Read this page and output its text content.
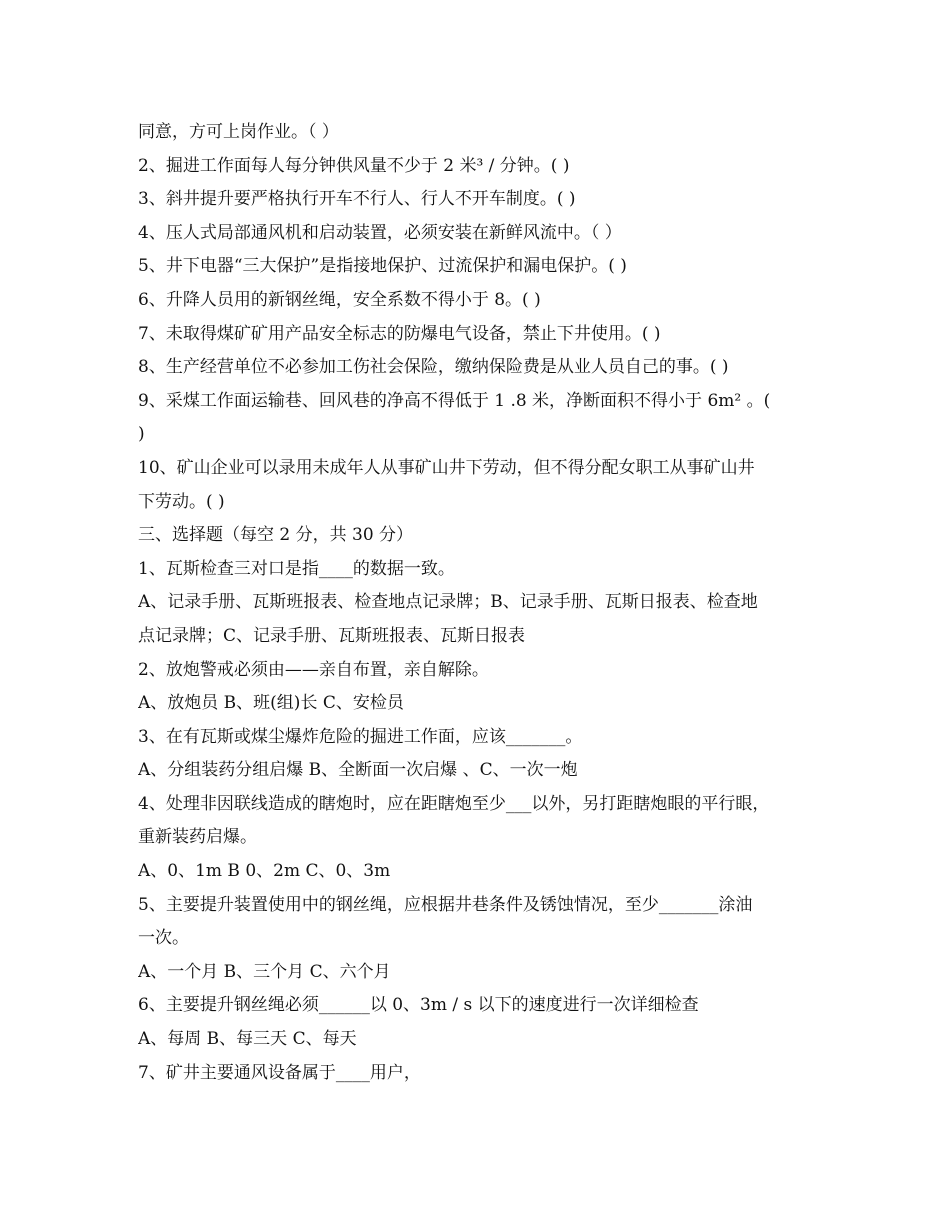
同意，方可上岗作业。（ ）
2、掘进工作面每人每分钟供风量不少于 2 米³ / 分钟。( )
3、斜井提升要严格执行开车不行人、行人不开车制度。( )
4、压人式局部通风机和启动装置，必须安装在新鲜风流中。（ ）
5、井下电器“三大保护”是指接地保护、过流保护和漏电保护。( )
6、升降人员用的新钢丝绳，安全系数不得小于 8。( )
7、未取得煤矿矿用产品安全标志的防爆电气设备，禁止下井使用。( )
8、生产经营单位不必参加工伤社会保险，缴纳保险费是从业人员自己的事。( )
9、采煤工作面运输巷、回风巷的净高不得低于 1 .8 米，净断面积不得小于 6m² 。(
)
10、矿山企业可以录用未成年人从事矿山井下劳动，但不得分配女职工从事矿山井
下劳动。( )
三、选择题（每空 2 分，共 30 分）
1、瓦斯检查三对口是指____的数据一致。
A、记录手册、瓦斯班报表、检查地点记录牌；B、记录手册、瓦斯日报表、检查地
点记录牌；C、记录手册、瓦斯班报表、瓦斯日报表
2、放炮警戒必须由——亲自布置，亲自解除。
A、放炮员 B、班(组)长 C、安检员
3、在有瓦斯或煤尘爆炸危险的掘进工作面，应该_______。
A、分组装药分组启爆 B、全断面一次启爆 、C、一次一炮
4、处理非因联线造成的瞎炮时，应在距瞎炮至少___以外，另打距瞎炮眼的平行眼，
重新装药启爆。
A、0、1m B 0、2m C、0、3m
5、主要提升装置使用中的钢丝绳，应根据井巷条件及锈蚀情况，至少_______涂油
一次。
A、一个月 B、三个月 C、六个月
6、主要提升钢丝绳必须______以 0、3m / s 以下的速度进行一次详细检查
A、每周 B、每三天 C、每天
7、矿井主要通风设备属于____用户，
